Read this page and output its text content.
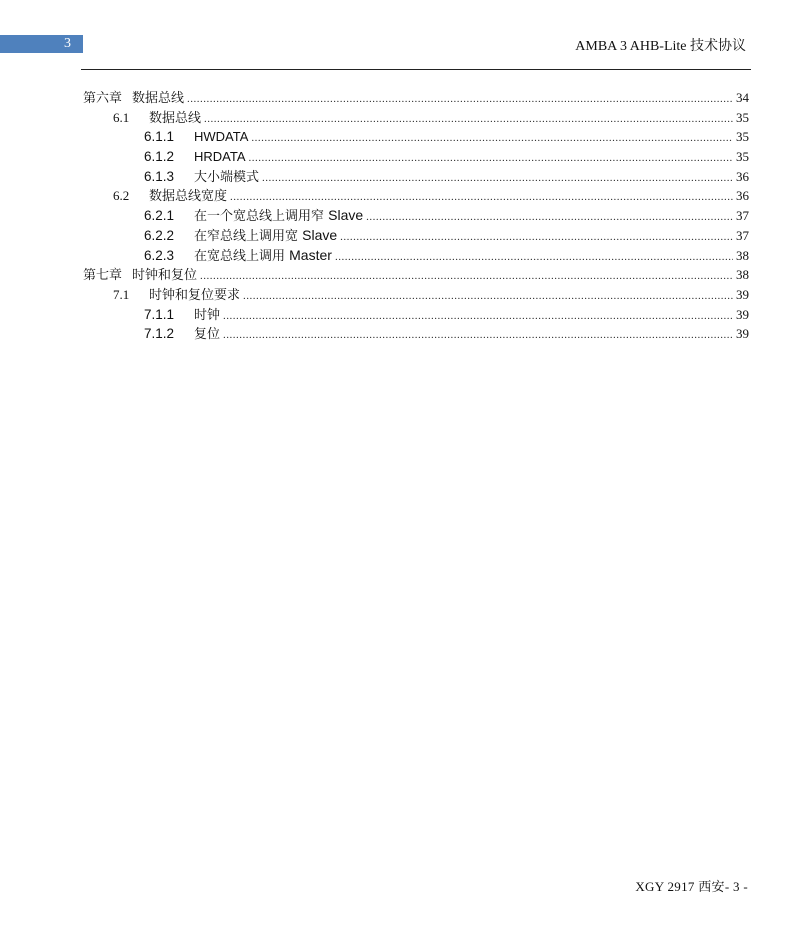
3	AMBA 3 AHB-Lite 技术协议
第六章 数据总线 .....	34
6.1	数据总线 .....	35
6.1.1	HWDATA .....	35
6.1.2	HRDATA .....	35
6.1.3	大小端模式 .....	36
6.2	数据总线宽度 .....	36
6.2.1	在一个宽总线上调用窄 Slave .....	37
6.2.2	在窄总线上调用宽 Slave .....	37
6.2.3	在宽总线上调用 Master .....	38
第七章 时钟和复位 .....	38
7.1	时钟和复位要求 .....	39
7.1.1	时钟 .....	39
7.1.2	复位 .....	39
XGY 2917 西安- 3 -
